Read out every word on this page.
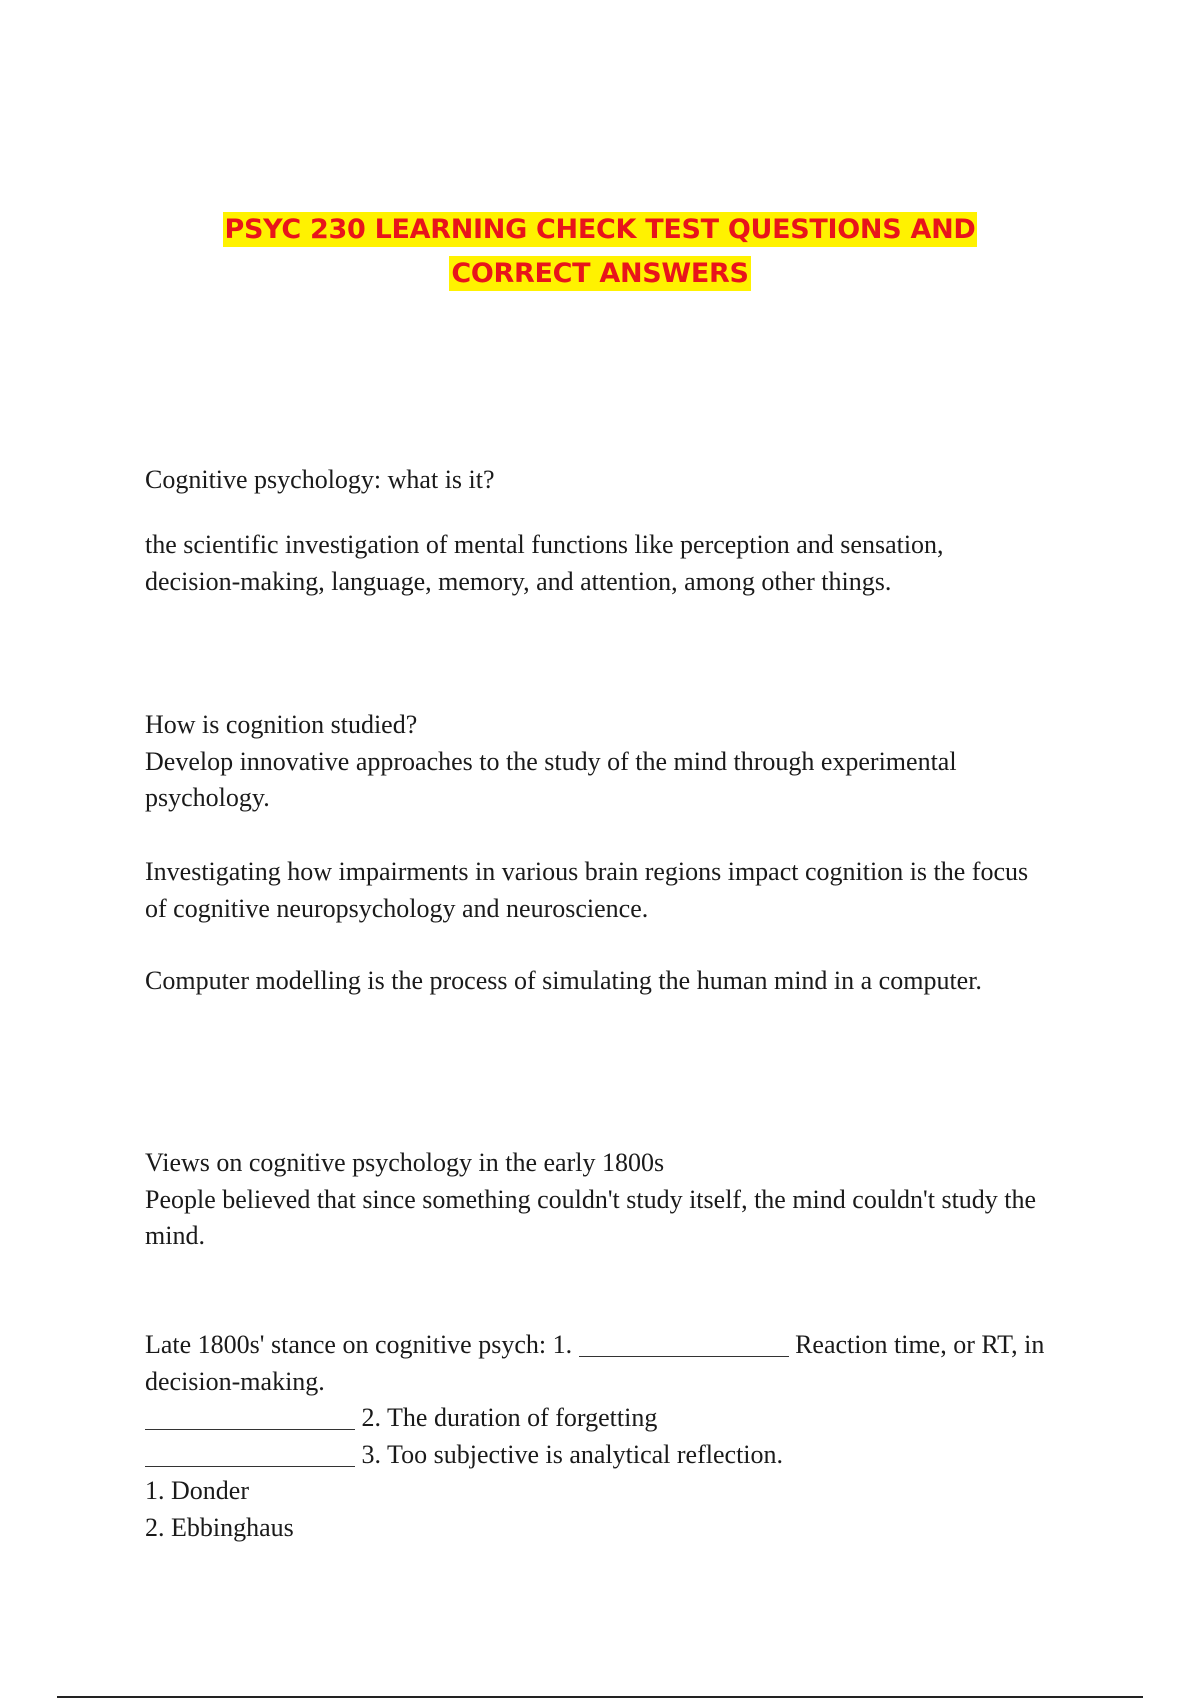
PSYC 230 LEARNING CHECK TEST QUESTIONS AND
CORRECT ANSWERS

Cognitive psychology: what is it?

the scientific investigation of mental functions like perception and sensation, decision-making, language, memory, and attention, among other things.

How is cognition studied?

Develop innovative approaches to the study of the mind through experimental psychology.

Investigating how impairments in various brain regions impact cognition is the focus of cognitive neuropsychology and neuroscience.

Computer modelling is the process of simulating the human mind in a computer.

Views on cognitive psychology in the early 1800s

People believed that since something couldn't study itself, the mind couldn't study the mind.

Late 1800s' stance on cognitive psych: 1.	Reaction time, or RT, in decision-making.

2. The duration of forgetting

3. Too subjective is analytical reflection.

1. Donder

2. Ebbinghaus
